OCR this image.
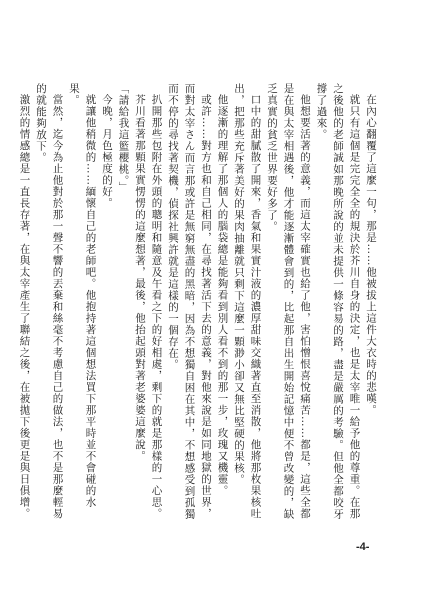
在內心翻覆了這麼一句，那是……他被拔上這件大衣時的悲嘆。

就只有這個是完完全全的規決於芥川自身的決定，也是太宰唯一給予他的尊重。在那之後他的老師誠如那晚所說的並未提供一條容易的路，盡是嚴厲的考驗。但他全都咬牙撐了過來。

他想要活著的意義，而這太宰確實也給了他，害怕憎恨喜悅痛苦……都是，這些全都是在與太宰相遇後，他才能逐漸體會到的，比起那自出生開始記憶中便不曾改變的，缺乏真實的貧乏世界要好多了。

口中的甜膩散了開來，香氣和果實汁液的濃厚甜味交織著直至消散，他將那枚果核吐出，把那些充斥著美好的果肉抽離就只剩下這麼一顆渺小卻又無比堅硬的果核。

他逐漸的理解了那個人的腦袋總是能夠看到別人看不到的那一步，玫瑰又機靈。

或許……對方也和自己相同，在尋找著活下去的意義，對他來說是如同地獄的世界，而對太宰さん而言那或許是無窮無盡的黑暗，因為不想獨自困在其中，不想感受到孤獨而不停的尋找著契機，偵探社興許就是這樣的一個存在。

扒開那些包附在外頭的聰明和隨意及午看之下的好相處，剩下的就是那樣的一心思。

芥川看著那顆果實愣愣的這麼想著，最後，他抬起頭對著老婆婆這麼說。

「請給我這籃櫻桃。」

今晚，月色極度的好。

就讓他稍微的……緬懷自己的老師吧。他抱持著這個想法買下那平時並不會碰的水果。

當然，迄今為止他對於那一聲不響的丟棄和絲毫不考慮自己的做法，也不是那麼輕易的就能夠放下。

激烈的情感總是一直長存著，在與太宰產生了聯結之後，在被拋下後更是與日俱增。

-4-
